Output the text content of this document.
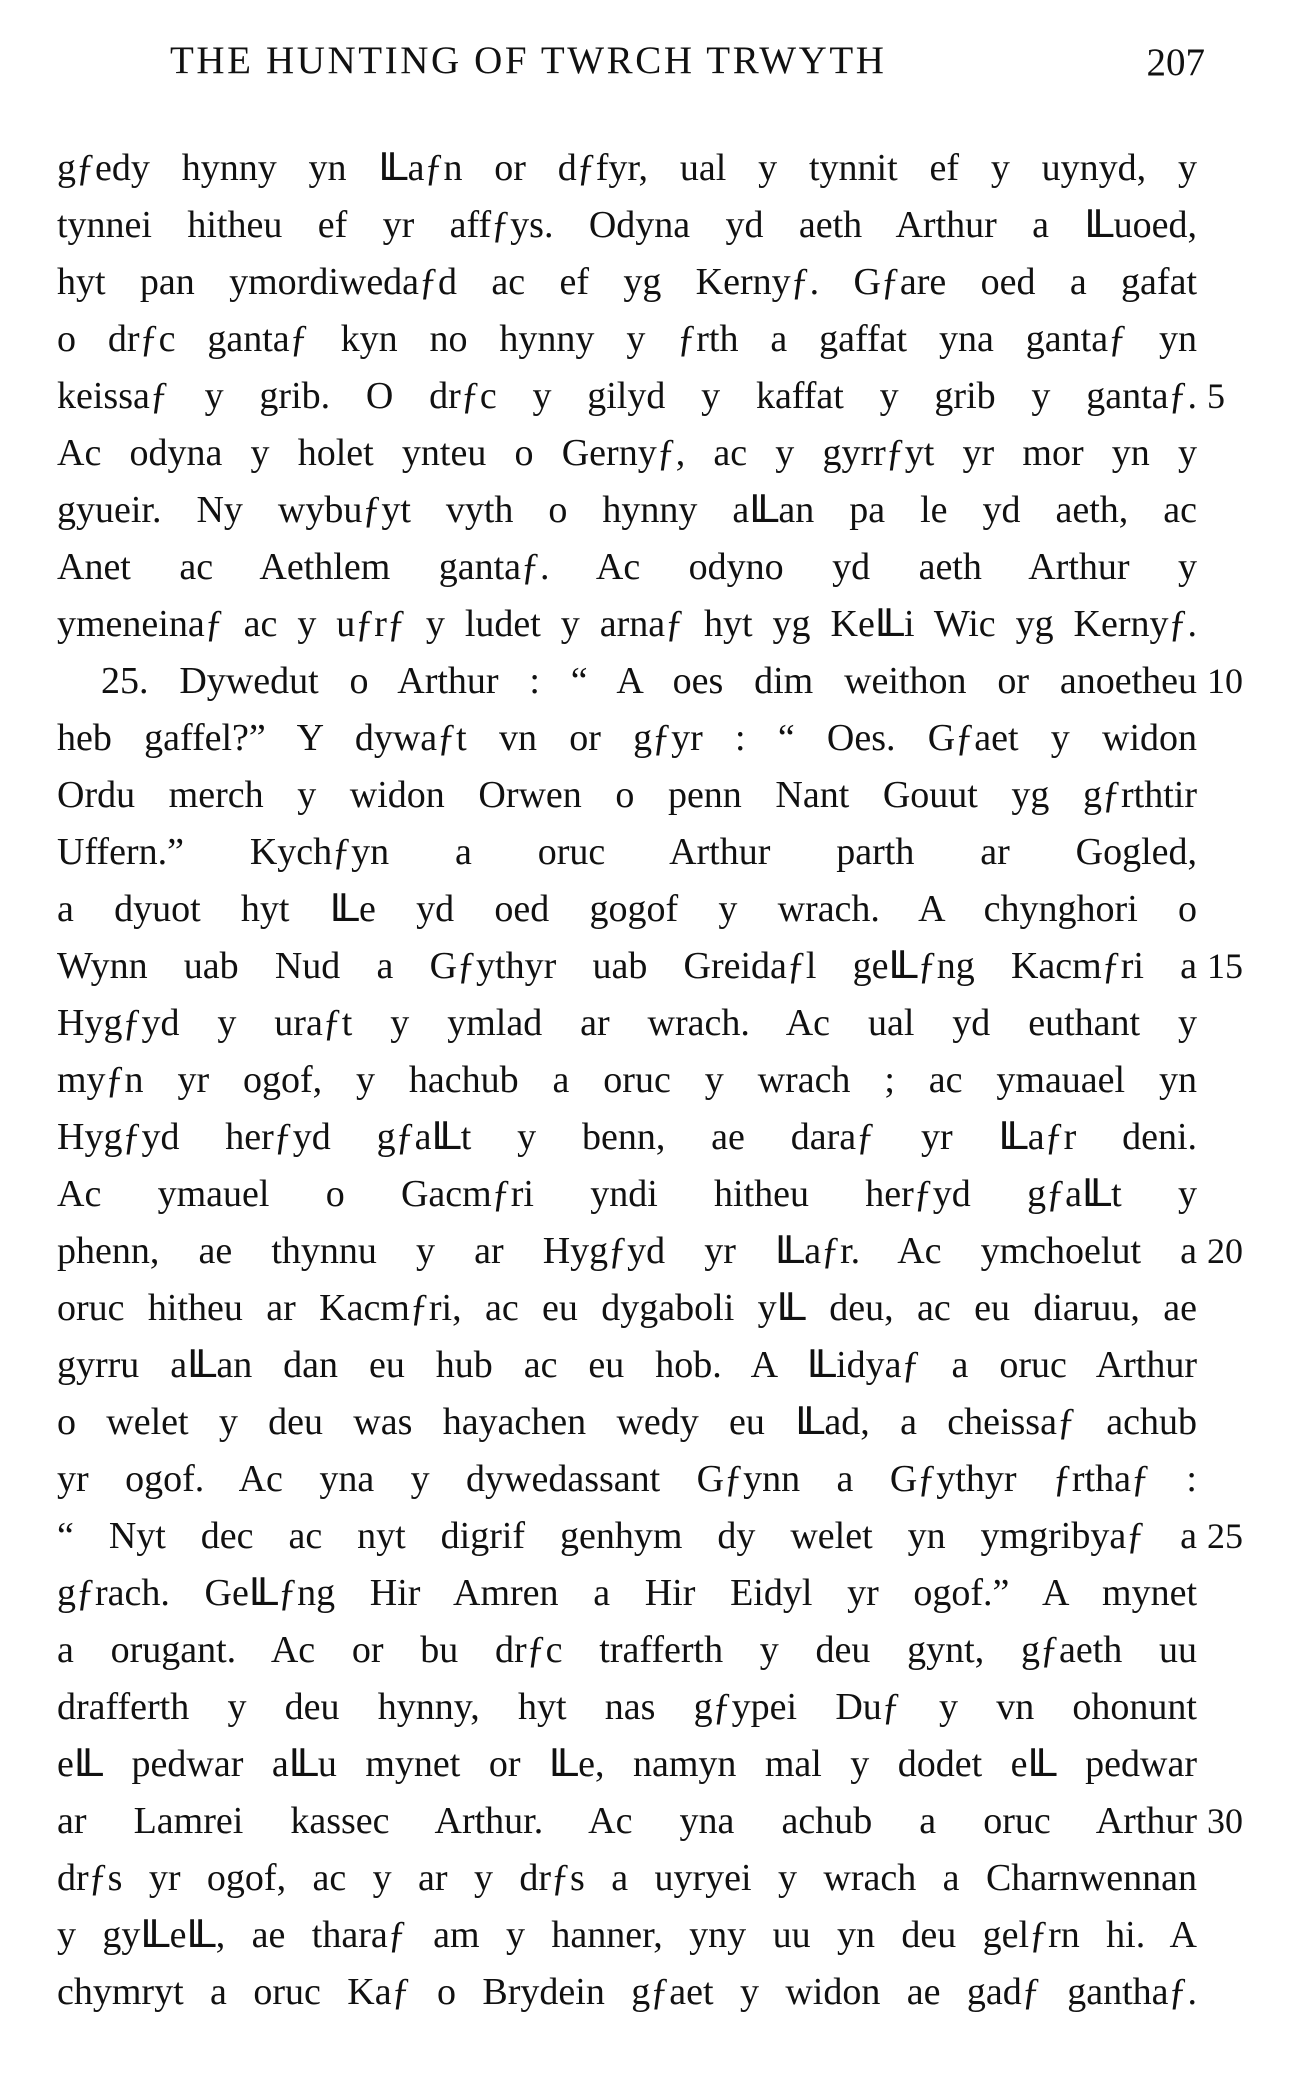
THE HUNTING OF TWRCH TRWYTH	207
gƒedy hynny yn Ỻaƒn or dƒfyr, ual y tynnit ef y uynyd, y
tynnei hitheu ef yr affƒys. Odyna yd aeth Arthur a Ỻuoed,
hyt pan ymordiwedaƒd ac ef yg Kernyƒ. Gƒare oed a gafat
o drƒc gantaƒ kyn no hynny y ƒrth a gaffat yna gantaƒ yn
keissaƒ y grib. O drƒc y gilyd y kaffat y grib y gantaƒ. 5
Ac odyna y holet ynteu o Gernyƒ, ac y gyrrƒyt yr mor yn y
gyueir. Ny wybuƒyt vyth o hynny aỺan pa le yd aeth, ac
Anet ac Aethlem gantaƒ. Ac odyno yd aeth Arthur y
ymeneinaƒ ac y uƒrƒ y ludet y arnaƒ hyt yg KeỺi Wic yg Kernyƒ.
25. Dywedut o Arthur : “ A oes dim weithon or anoetheu 10
heb gaffel?” Y dywaƒt vn or gƒyr : “ Oes. Gƒaet y widon
Ordu merch y widon Orwen o penn Nant Gouut yg gƒrthtir
Uffern.” Kychƒyn a oruc Arthur parth ar Gogled,
a dyuot hyt Ỻe yd oed gogof y wrach. A chynghori o
Wynn uab Nud a Gƒythyr uab Greidaƒl geỺƒng Kacmƒri a 15
Hygƒyd y uraƒt y ymlad ar wrach. Ac ual yd euthant y
myƒn yr ogof, y hachub a oruc y wrach ; ac ymauael yn
Hygƒyd herƒyd gƒaỺt y benn, ae daraƒ yr Ỻaƒr deni.
Ac ymauel o Gacmƒri yndi hitheu herƒyd gƒaỺt y
phenn, ae thynnu y ar Hygƒyd yr Ỻaƒr. Ac ymchoelut a 20
oruc hitheu ar Kacmƒri, ac eu dygaboli yỺ deu, ac eu diaruu, ae
gyrru aỺan dan eu hub ac eu hob. A Ỻidyaƒ a oruc Arthur
o welet y deu was hayachen wedy eu Ỻad, a cheissaƒ achub
yr ogof. Ac yna y dywedassant Gƒynn a Gƒythyr ƒrthaƒ :
“ Nyt dec ac nyt digrif genhym dy welet yn ymgribyaƒ a 25
gƒrach. GeỺƒng Hir Amren a Hir Eidyl yr ogof.” A mynet
a orugant. Ac or bu drƒc trafferth y deu gynt, gƒaeth uu
drafferth y deu hynny, hyt nas gƒypei Duƒ y vn ohonunt
eỺ pedwar aỺu mynet or Ỻe, namyn mal y dodet eỺ pedwar
ar Lamrei kassec Arthur. Ac yna achub a oruc Arthur 30
drƒs yr ogof, ac y ar y drƒs a uyryei y wrach a Charnwennan
y gyỺeỺ, ae tharaƒ am y hanner, yny uu yn deu gelƒrn hi. A
chymryt a oruc Kaƒ o Brydein gƒaet y widon ae gadƒ ganthaƒ.
